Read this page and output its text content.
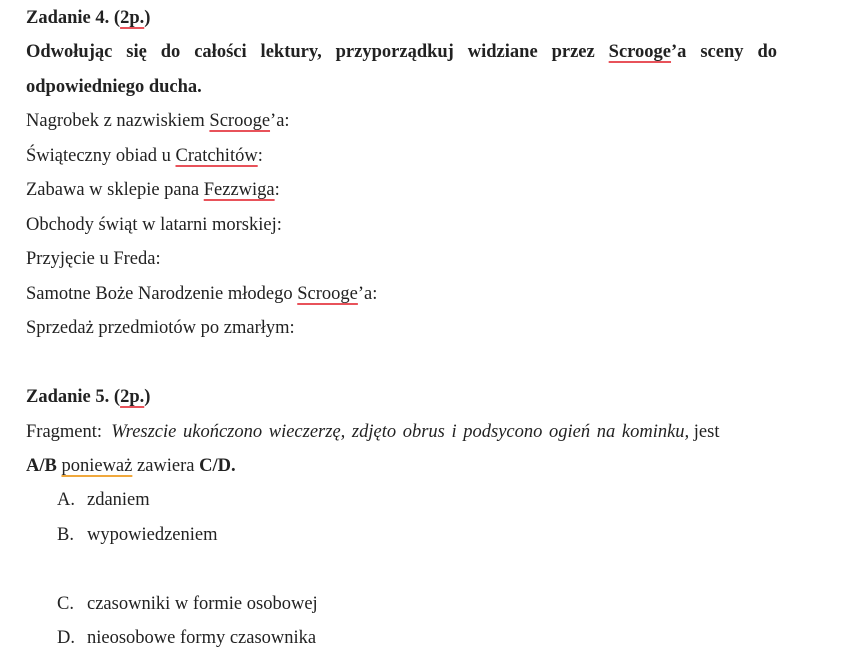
Zadanie 4. (2p.)
Odwołując się do całości lektury, przyporządkuj widziane przez Scrooge’a sceny do
odpowiedniego ducha.
Nagrobek z nazwiskiem Scrooge’a:
Świąteczny obiad u Cratchitów:
Zabawa w sklepie pana Fezzwiga:
Obchody świąt w latarni morskiej:
Przyjęcie u Freda:
Samotne Boże Narodzenie młodego Scrooge’a:
Sprzedaż przedmiotów po zmarłym:
Zadanie 5. (2p.)
Fragment: Wreszcie ukończono wieczerzę, zdjęto obrus i podsycono ogień na kominku, jest
A/B ponieważ zawiera C/D.
A. zdaniem
B. wypowiedzeniem
C. czasowniki w formie osobowej
D. nieosobowe formy czasownika
